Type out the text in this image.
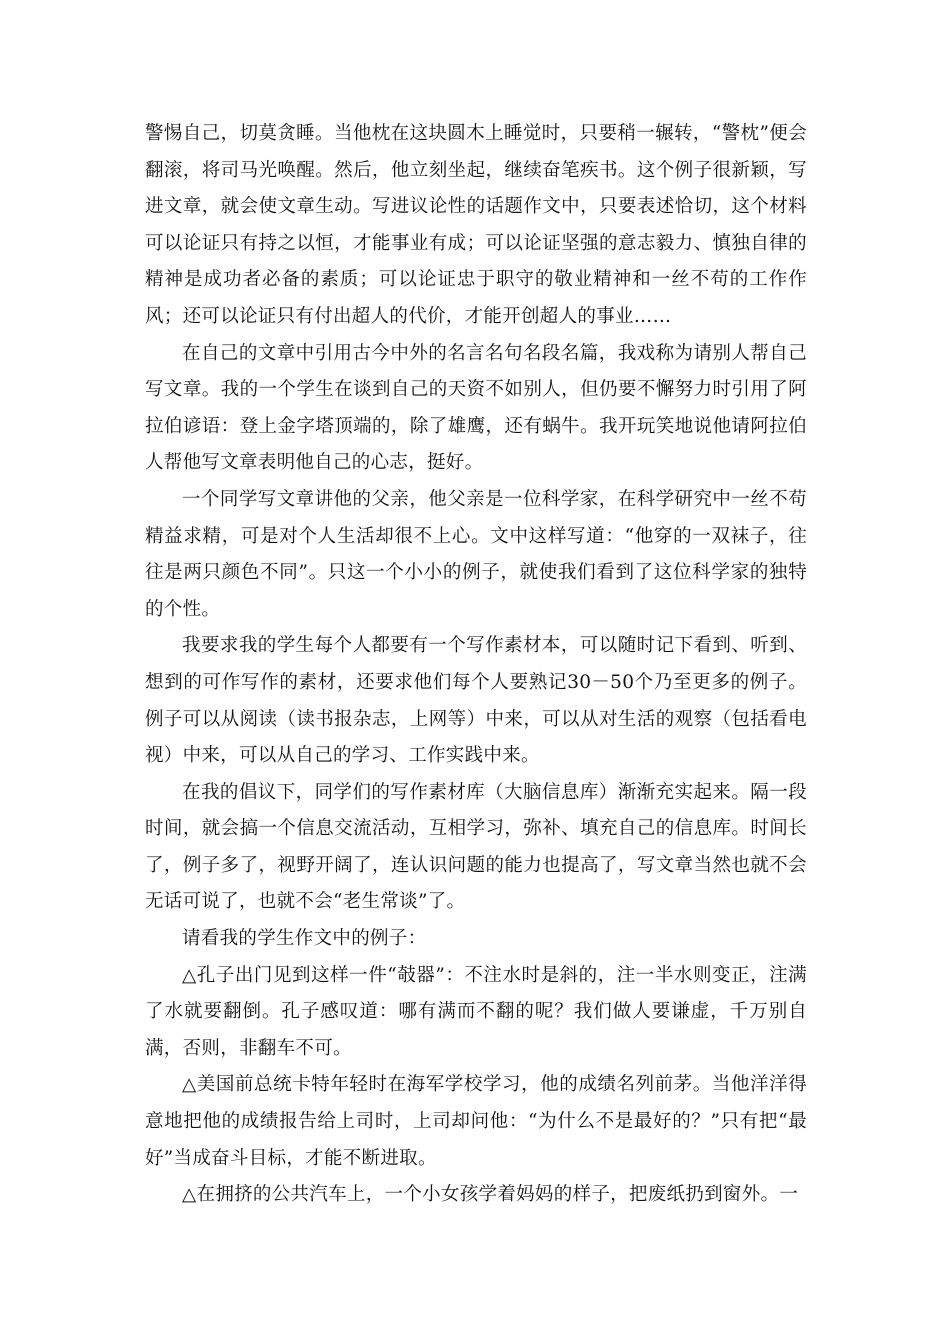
警惕自己，切莫贪睡。当他枕在这块圆木上睡觉时，只要稍一辗转，“警枕”便会翻滚，将司马光唤醒。然后，他立刻坐起，继续奋笔疾书。这个例子很新颖，写进文章，就会使文章生动。写进议论性的话题作文中，只要表述恰切，这个材料可以论证只有持之以恒，才能事业有成；可以论证坚强的意志毅力、慎独自律的精神是成功者必备的素质；可以论证忠于职守的敬业精神和一丝不苟的工作作风；还可以论证只有付出超人的代价，才能开创超人的事业……

在自己的文章中引用古今中外的名言名句名段名篇，我戏称为请别人帮自己写文章。我的一个学生在谈到自己的天资不如别人，但仍要不懈努力时引用了阿拉伯谚语：登上金字塔顶端的，除了雄鹰，还有蜗牛。我开玩笑地说他请阿拉伯人帮他写文章表明他自己的心志，挺好。

一个同学写文章讲他的父亲，他父亲是一位科学家，在科学研究中一丝不苟精益求精，可是对个人生活却很不上心。文中这样写道：“他穿的一双袜子，往往是两只颜色不同”。只这一个小小的例子，就使我们看到了这位科学家的独特的个性。

我要求我的学生每个人都要有一个写作素材本，可以随时记下看到、听到、想到的可作写作的素材，还要求他们每个人要熟记30－50个乃至更多的例子。例子可以从阅读（读书报杂志，上网等）中来，可以从对生活的观察（包括看电视）中来，可以从自己的学习、工作实践中来。

在我的倡议下，同学们的写作素材库（大脑信息库）渐渐充实起来。隔一段时间，就会搞一个信息交流活动，互相学习，弥补、填充自己的信息库。时间长了，例子多了，视野开阔了，连认识问题的能力也提高了，写文章当然也就不会无话可说了，也就不会“老生常谈”了。

请看我的学生作文中的例子：

△孔子出门见到这样一件“攲器”：不注水时是斜的，注一半水则变正，注满了水就要翻倒。孔子感叹道：哪有满而不翻的呢？我们做人要谦虚，千万别自满，否则，非翻车不可。

△美国前总统卡特年轻时在海军学校学习，他的成绩名列前茅。当他洋洋得意地把他的成绩报告给上司时，上司却问他：“为什么不是最好的？”只有把“最好”当成奋斗目标，才能不断进取。

△在拥挤的公共汽车上，一个小女孩学着妈妈的样子，把废纸扔到窗外。一
